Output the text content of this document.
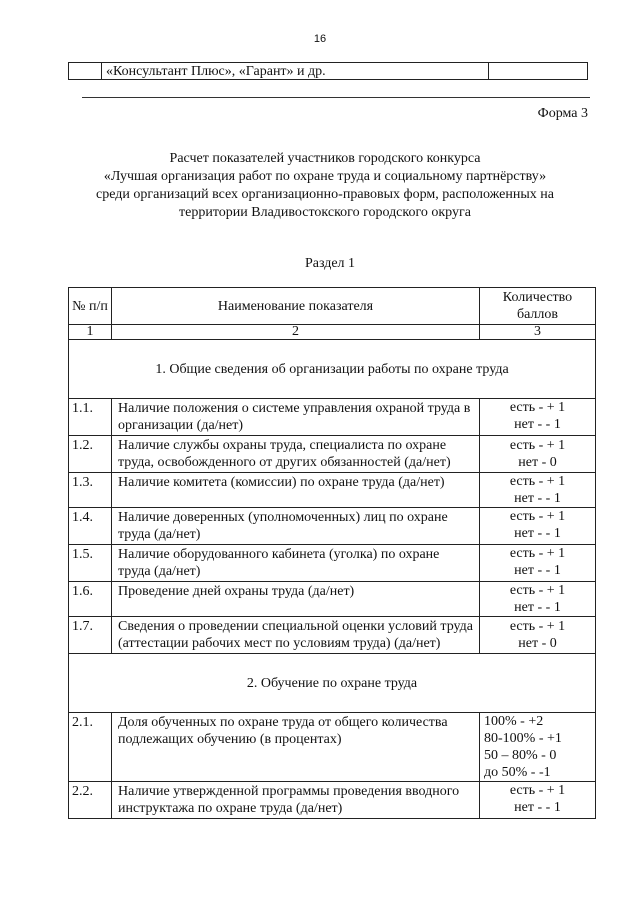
16
	«Консультант Плюс», «Гарант» и др.	
Форма 3
Расчет показателей участников городского конкурса
«Лучшая организация работ по охране труда и социальному партнёрству»
среди организаций всех организационно-правовых форм, расположенных на
территории Владивостокского городского округа
Раздел 1
№ п/п	Наименование показателя	Количество баллов
1	2	3

1. Общие сведения об организации работы по охране труда		

1.1.	Наличие положения о системе управления охраной труда в организации (да/нет)	есть - + 1
нет - - 1

1.2.	Наличие службы охраны труда, специалиста по охране труда, освобожденного от других обязанностей (да/нет)	есть - + 1
нет - 0

1.3.	Наличие комитета (комиссии) по охране труда (да/нет)	есть - + 1
нет - - 1

1.4.	Наличие доверенных (уполномоченных) лиц по охране труда (да/нет)	есть - + 1
нет - - 1

1.5.	Наличие оборудованного кабинета (уголка) по охране труда (да/нет)	есть - + 1
нет - - 1

1.6.	Проведение дней охраны труда (да/нет)	есть - + 1
нет - - 1

1.7.	Сведения о проведении специальной оценки условий труда (аттестации рабочих мест по условиям труда) (да/нет)	есть - + 1
нет - 0

2. Обучение по охране труда		

2.1.	Доля обученных по охране труда от общего количества подлежащих обучению (в процентах)	100% - +2
80-100% - +1
50 – 80% - 0
до 50% - -1

2.2.	Наличие утвержденной программы проведения вводного инструктажа по охране труда (да/нет)	есть - + 1
нет - - 1
